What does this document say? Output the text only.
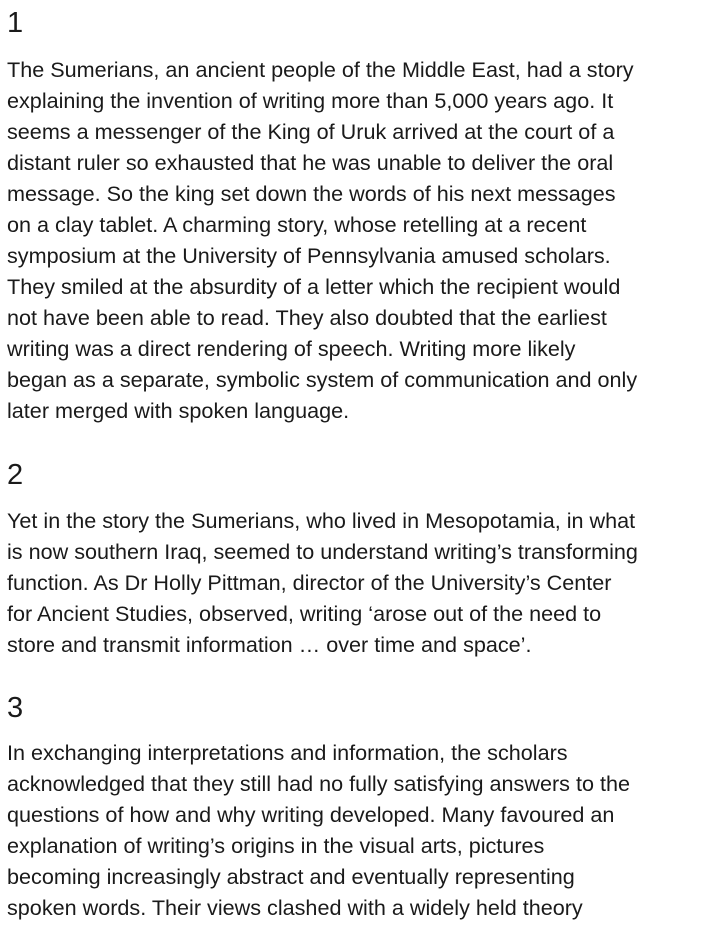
1
The Sumerians, an ancient people of the Middle East, had a story
explaining the invention of writing more than 5,000 years ago. It
seems a messenger of the King of Uruk arrived at the court of a
distant ruler so exhausted that he was unable to deliver the oral
message. So the king set down the words of his next messages
on a clay tablet. A charming story, whose retelling at a recent
symposium at the University of Pennsylvania amused scholars.
They smiled at the absurdity of a letter which the recipient would
not have been able to read. They also doubted that the earliest
writing was a direct rendering of speech. Writing more likely
began as a separate, symbolic system of communication and only
later merged with spoken language.
2
Yet in the story the Sumerians, who lived in Mesopotamia, in what
is now southern Iraq, seemed to understand writing’s transforming
function. As Dr Holly Pittman, director of the University’s Center
for Ancient Studies, observed, writing ‘arose out of the need to
store and transmit information … over time and space’.
3
In exchanging interpretations and information, the scholars
acknowledged that they still had no fully satisfying answers to the
questions of how and why writing developed. Many favoured an
explanation of writing’s origins in the visual arts, pictures
becoming increasingly abstract and eventually representing
spoken words. Their views clashed with a widely held theory
